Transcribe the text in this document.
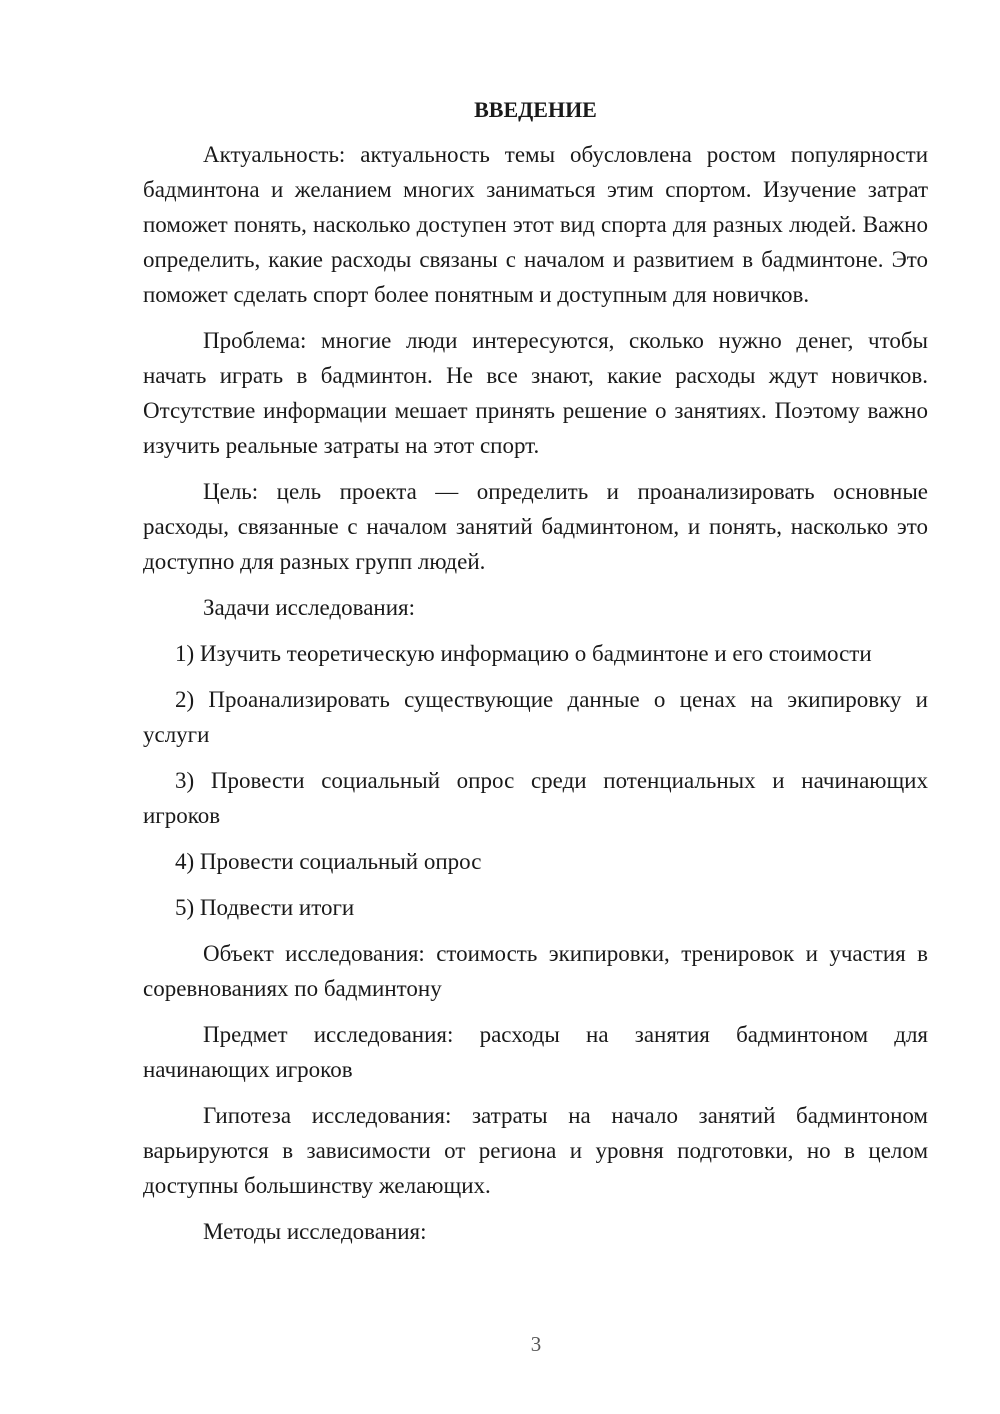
ВВЕДЕНИЕ

Актуальность: актуальность темы обусловлена ростом популярности бадминтона и желанием многих заниматься этим спортом. Изучение затрат поможет понять, насколько доступен этот вид спорта для разных людей. Важно определить, какие расходы связаны с началом и развитием в бадминтоне. Это поможет сделать спорт более понятным и доступным для новичков.

Проблема: многие люди интересуются, сколько нужно денег, чтобы начать играть в бадминтон. Не все знают, какие расходы ждут новичков. Отсутствие информации мешает принять решение о занятиях. Поэтому важно изучить реальные затраты на этот спорт.

Цель: цель проекта — определить и проанализировать основные расходы, связанные с началом занятий бадминтоном, и понять, насколько это доступно для разных групп людей.

Задачи исследования:

1) Изучить теоретическую информацию о бадминтоне и его стоимости

2) Проанализировать существующие данные о ценах на экипировку и услуги

3) Провести социальный опрос среди потенциальных и начинающих игроков

4) Провести социальный опрос

5) Подвести итоги

Объект исследования: стоимость экипировки, тренировок и участия в соревнованиях по бадминтону

Предмет исследования: расходы на занятия бадминтоном для начинающих игроков

Гипотеза исследования: затраты на начало занятий бадминтоном варьируются в зависимости от региона и уровня подготовки, но в целом доступны большинству желающих.

Методы исследования:

3
